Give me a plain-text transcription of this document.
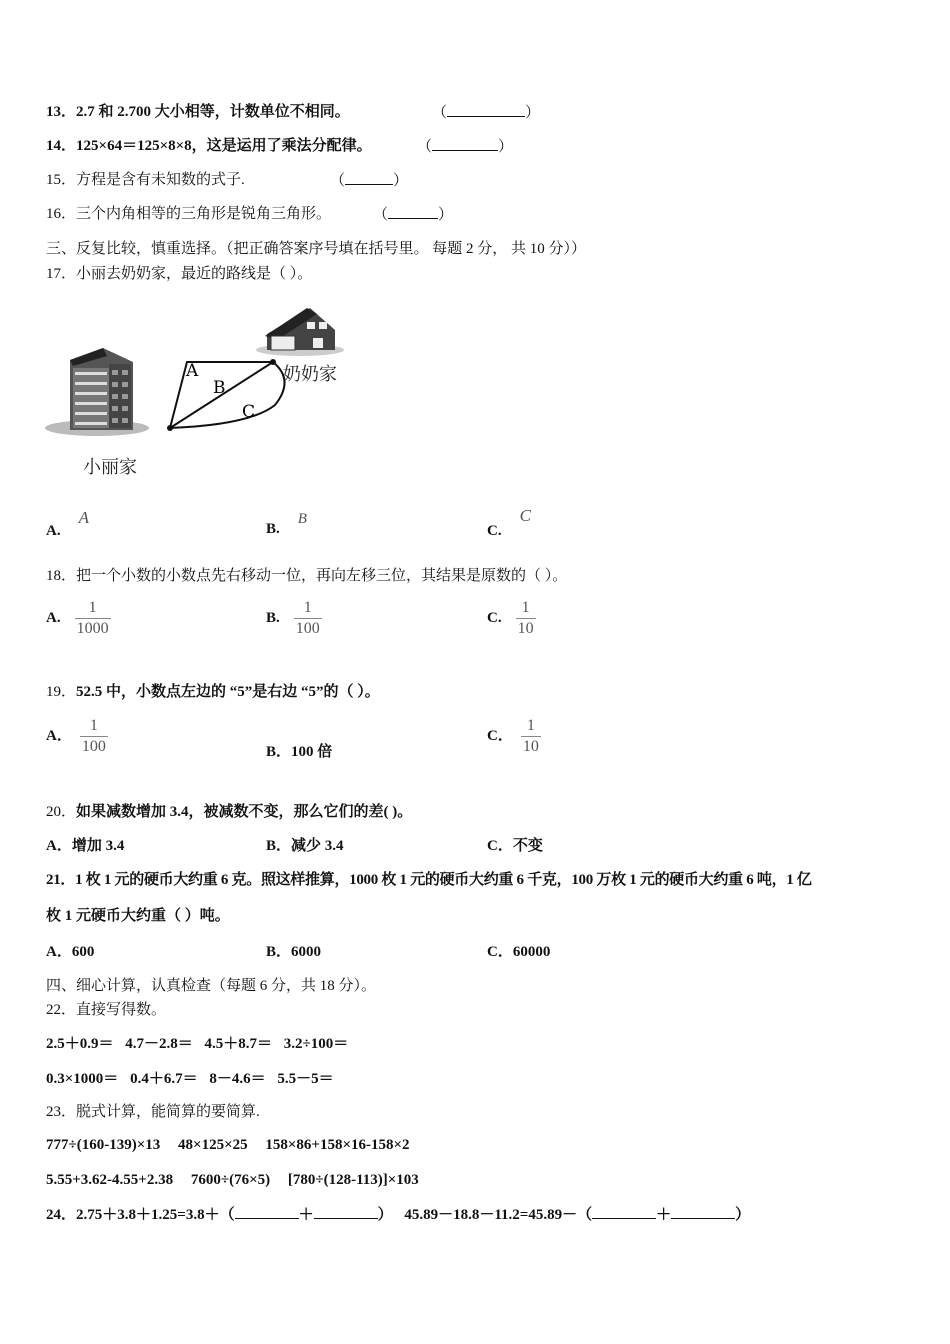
13．2.7 和 2.700 大小相等，计数单位不相同。	（	）
14．125×64＝125×8×8，这是运用了乘法分配律。	（	）
15．方程是含有未知数的式子.	（	）
16．三个内角相等的三角形是锐角三角形。	（	）
三、反复比较，慎重选择。（把正确答案序号填在括号里。 每题 2 分， 共 10 分））
17．小丽去奶奶家，最近的路线是（ ）。
A
B
C
奶奶家
小丽家
A. A
B. B
C. C
18．把一个小数的小数点先右移动一位，再向左移三位，其结果是原数的（ ）。
A. $\frac{1}{1000}$	B. $\frac{1}{100}$	C. $\frac{1}{10}$
19．52.5 中，小数点左边的 “5”是右边 “5”的（ ）。
A． $\frac{1}{100}$	B．100 倍
C． $\frac{1}{10}$
20．如果减数增加 3.4，被减数不变，那么它们的差( )。
A．增加 3.4	B．减少 3.4	C．不变
21．1 枚 1 元的硬币大约重 6 克。照这样推算，1000 枚 1 元的硬币大约重 6 千克，100 万枚 1 元的硬币大约重 6 吨，1 亿
枚 1 元硬币大约重（ ）吨。
A．600	B．6000	C．60000
四、细心计算，认真检查（每题 6 分，共 18 分）。
22．直接写得数。
2.5＋0.9＝ 4.7－2.8＝ 4.5＋8.7＝ 3.2÷100＝
0.3×1000＝ 0.4＋6.7＝ 8－4.6＝ 5.5－5＝
23．脱式计算，能简算的要简算.
777÷(160-139)×13 48×125×25 158×86+158×16-158×2
5.55+3.62-4.55+2.38 7600÷(76×5) [780÷(128-113)]×103
24．2.75＋3.8＋1.25=3.8＋（	＋	） 45.89－18.8－11.2=45.89－（	＋	）
